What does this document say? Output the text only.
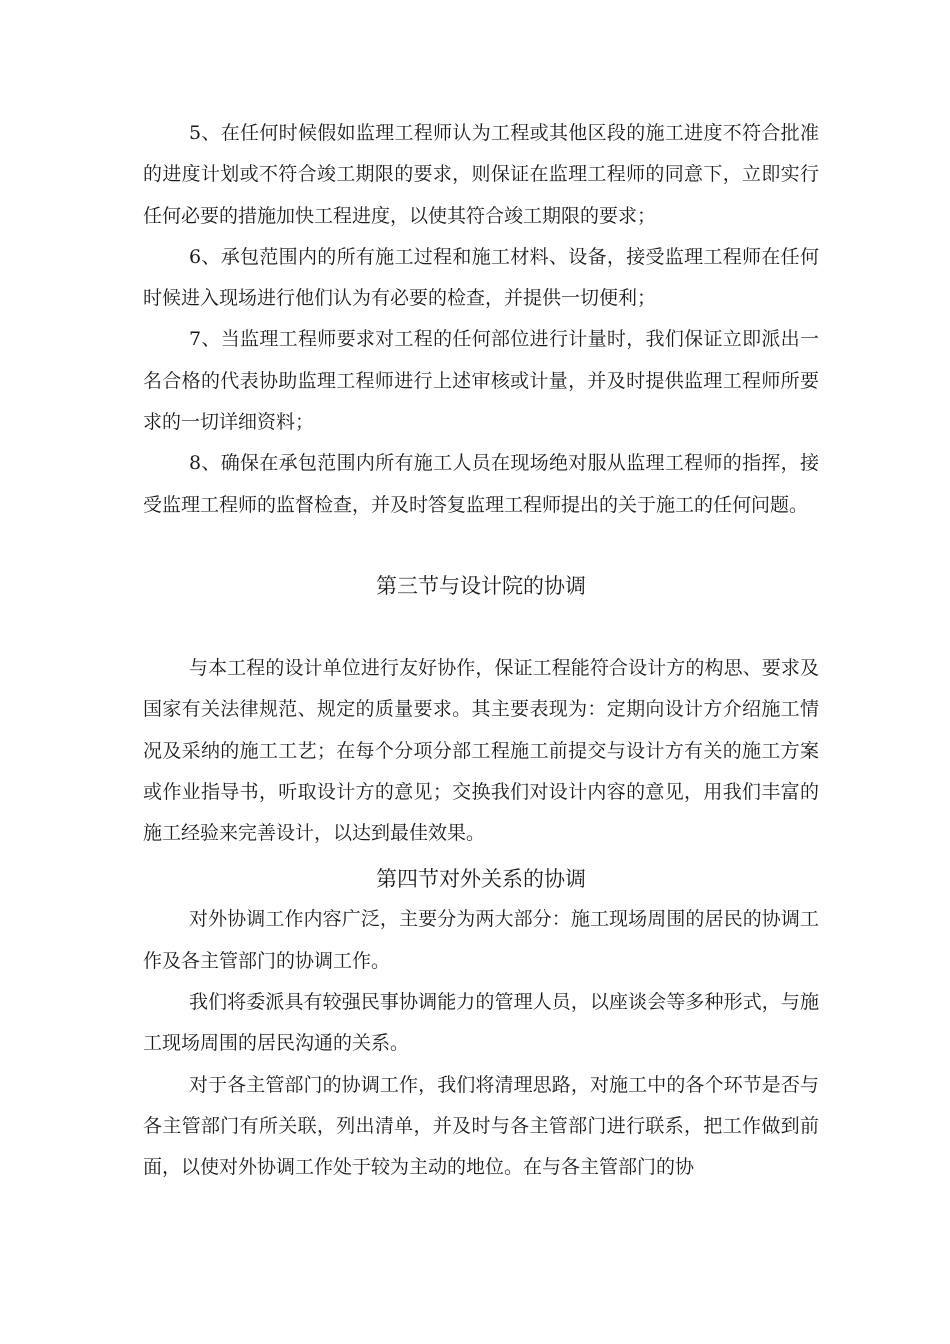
5、在任何时候假如监理工程师认为工程或其他区段的施工进度不符合批准的进度计划或不符合竣工期限的要求，则保证在监理工程师的同意下，立即实行任何必要的措施加快工程进度，以使其符合竣工期限的要求；

6、承包范围内的所有施工过程和施工材料、设备，接受监理工程师在任何时候进入现场进行他们认为有必要的检查，并提供一切便利；

7、当监理工程师要求对工程的任何部位进行计量时，我们保证立即派出一名合格的代表协助监理工程师进行上述审核或计量，并及时提供监理工程师所要求的一切详细资料；

8、确保在承包范围内所有施工人员在现场绝对服从监理工程师的指挥，接受监理工程师的监督检查，并及时答复监理工程师提出的关于施工的任何问题。

第三节与设计院的协调

与本工程的设计单位进行友好协作，保证工程能符合设计方的构思、要求及国家有关法律规范、规定的质量要求。其主要表现为：定期向设计方介绍施工情况及采纳的施工工艺；在每个分项分部工程施工前提交与设计方有关的施工方案或作业指导书，听取设计方的意见；交换我们对设计内容的意见，用我们丰富的施工经验来完善设计，以达到最佳效果。

第四节对外关系的协调

对外协调工作内容广泛，主要分为两大部分：施工现场周围的居民的协调工作及各主管部门的协调工作。

我们将委派具有较强民事协调能力的管理人员，以座谈会等多种形式，与施工现场周围的居民沟通的关系。

对于各主管部门的协调工作，我们将清理思路，对施工中的各个环节是否与各主管部门有所关联，列出清单，并及时与各主管部门进行联系，把工作做到前面，以使对外协调工作处于较为主动的地位。在与各主管部门的协
